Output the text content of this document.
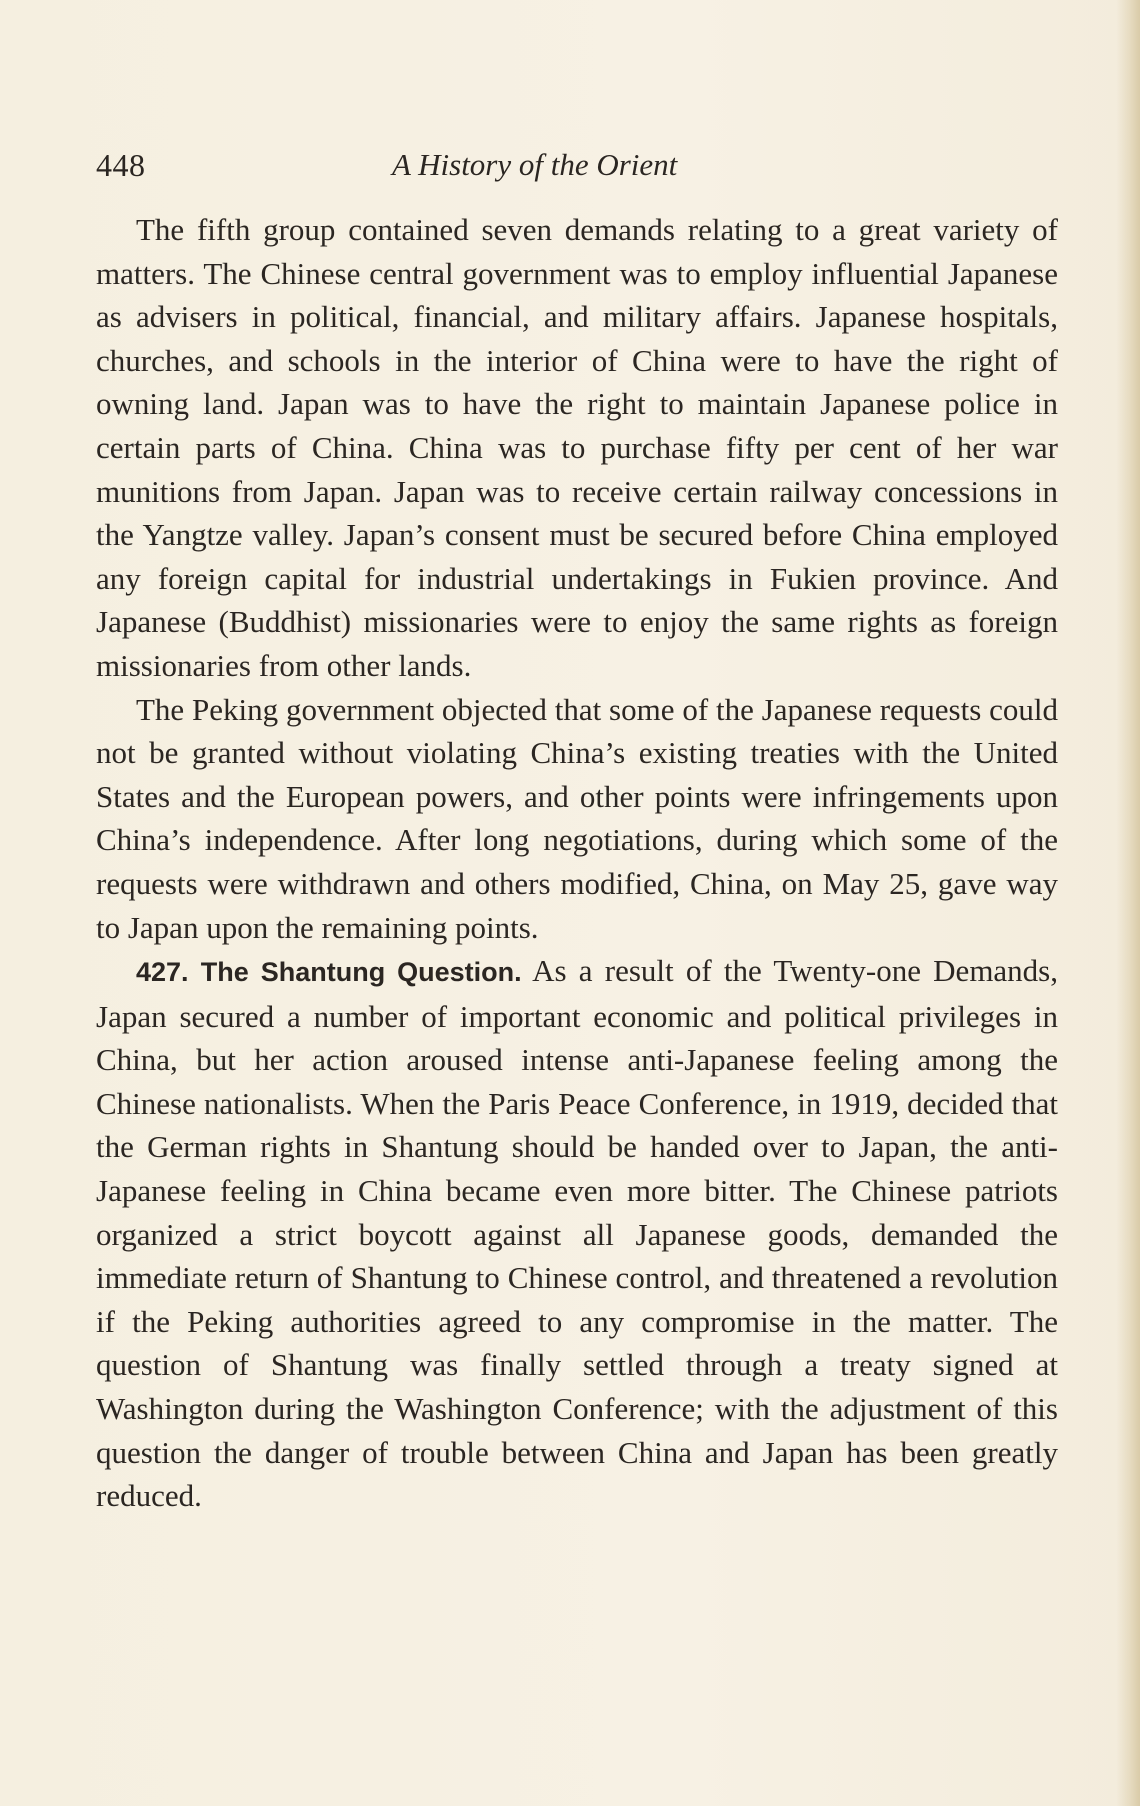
448	A History of the Orient

The fifth group contained seven demands relating to a great variety of matters. The Chinese central government was to employ influential Japanese as advisers in political, financial, and military affairs. Japanese hospitals, churches, and schools in the interior of China were to have the right of owning land. Japan was to have the right to maintain Japanese police in certain parts of China. China was to purchase fifty per cent of her war munitions from Japan. Japan was to receive certain railway concessions in the Yangtze valley. Japan’s consent must be secured before China employed any foreign capital for industrial undertakings in Fukien province. And Japanese (Buddhist) missionaries were to enjoy the same rights as foreign missionaries from other lands.

The Peking government objected that some of the Japanese requests could not be granted without violating China’s existing treaties with the United States and the European powers, and other points were infringements upon China’s independence. After long negotiations, during which some of the requests were withdrawn and others modified, China, on May 25, gave way to Japan upon the remaining points.

427. The Shantung Question. As a result of the Twenty-one Demands, Japan secured a number of important economic and political privileges in China, but her action aroused intense anti-Japanese feeling among the Chinese nationalists. When the Paris Peace Conference, in 1919, decided that the German rights in Shantung should be handed over to Japan, the anti-Japanese feeling in China became even more bitter. The Chinese patriots organized a strict boycott against all Japanese goods, demanded the immediate return of Shantung to Chinese control, and threatened a revolution if the Peking authorities agreed to any compromise in the matter. The question of Shantung was finally settled through a treaty signed at Washington during the Washington Conference; with the adjustment of this question the danger of trouble between China and Japan has been greatly reduced.
